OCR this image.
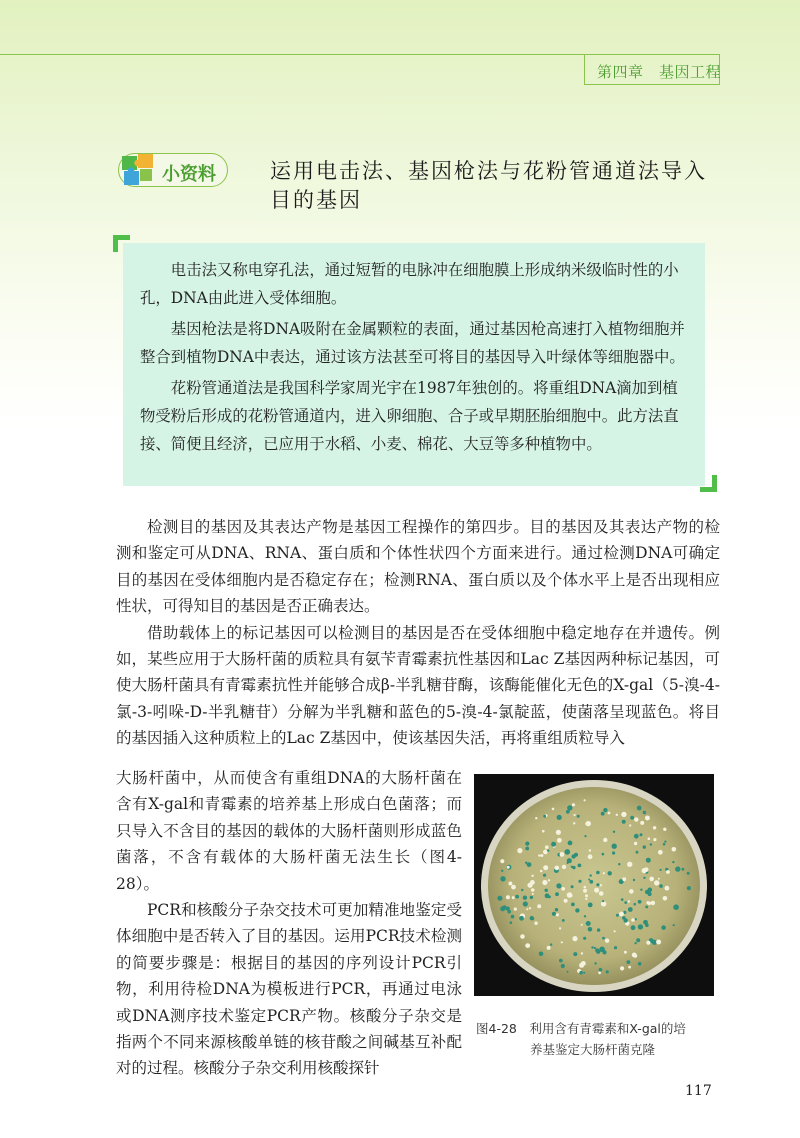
第四章　基因工程
小资料	运用电击法、基因枪法与花粉管通道法导入目的基因

电击法又称电穿孔法，通过短暂的电脉冲在细胞膜上形成纳米级临时性的小孔，DNA由此进入受体细胞。

基因枪法是将DNA吸附在金属颗粒的表面，通过基因枪高速打入植物细胞并整合到植物DNA中表达，通过该方法甚至可将目的基因导入叶绿体等细胞器中。

花粉管通道法是我国科学家周光宇在1987年独创的。将重组DNA滴加到植物受粉后形成的花粉管通道内，进入卵细胞、合子或早期胚胎细胞中。此方法直接、简便且经济，已应用于水稻、小麦、棉花、大豆等多种植物中。

检测目的基因及其表达产物是基因工程操作的第四步。目的基因及其表达产物的检测和鉴定可从DNA、RNA、蛋白质和个体性状四个方面来进行。通过检测DNA可确定目的基因在受体细胞内是否稳定存在；检测RNA、蛋白质以及个体水平上是否出现相应性状，可得知目的基因是否正确表达。

借助载体上的标记基因可以检测目的基因是否在受体细胞中稳定地存在并遗传。例如，某些应用于大肠杆菌的质粒具有氨苄青霉素抗性基因和Lac Z基因两种标记基因，可使大肠杆菌具有青霉素抗性并能够合成β-半乳糖苷酶，该酶能催化无色的X-gal（5-溴-4-氯-3-吲哚-D-半乳糖苷）分解为半乳糖和蓝色的5-溴-4-氯靛蓝，使菌落呈现蓝色。将目的基因插入这种质粒上的Lac Z基因中，使该基因失活，再将重组质粒导入

大肠杆菌中，从而使含有重组DNA的大肠杆菌在含有X-gal和青霉素的培养基上形成白色菌落；而只导入不含目的基因的载体的大肠杆菌则形成蓝色菌落，不含有载体的大肠杆菌无法生长（图4-28）。

PCR和核酸分子杂交技术可更加精准地鉴定受体细胞中是否转入了目的基因。运用PCR技术检测的简要步骤是：根据目的基因的序列设计PCR引物，利用待检DNA为模板进行PCR，再通过电泳或DNA测序技术鉴定PCR产物。核酸分子杂交是指两个不同来源核酸单链的核苷酸之间碱基互补配对的过程。核酸分子杂交利用核酸探针

图4-28　利用含有青霉素和X-gal的培
养基鉴定大肠杆菌克隆
117
